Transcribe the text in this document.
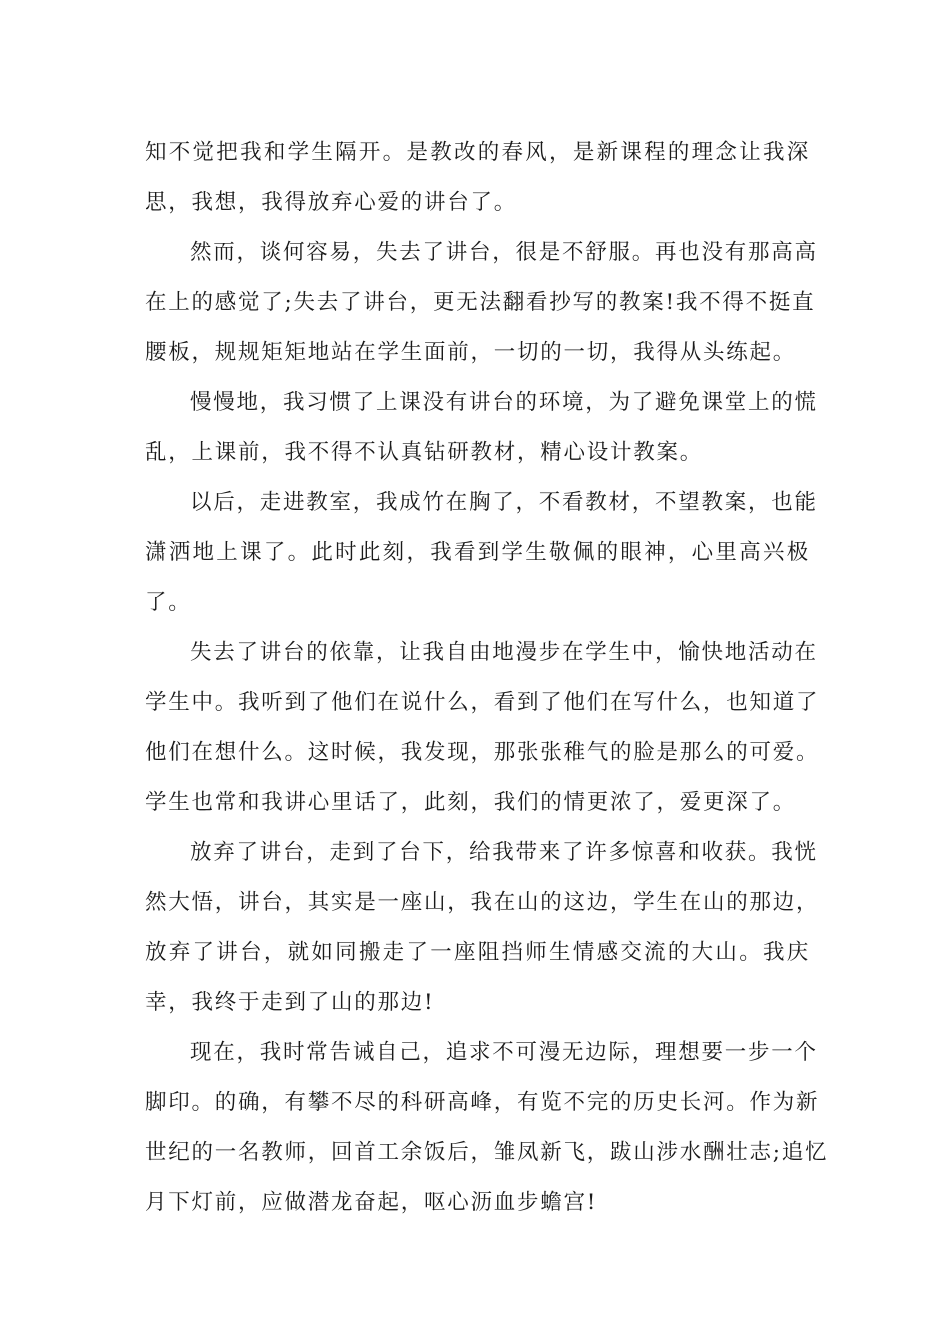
知不觉把我和学生隔开。是教改的春风，是新课程的理念让我深
思，我想，我得放弃心爱的讲台了。
然而，谈何容易，失去了讲台，很是不舒服。再也没有那高高
在上的感觉了;失去了讲台，更无法翻看抄写的教案!我不得不挺直
腰板，规规矩矩地站在学生面前，一切的一切，我得从头练起。
慢慢地，我习惯了上课没有讲台的环境，为了避免课堂上的慌
乱，上课前，我不得不认真钻研教材，精心设计教案。
以后，走进教室，我成竹在胸了，不看教材，不望教案，也能
潇洒地上课了。此时此刻，我看到学生敬佩的眼神，心里高兴极
了。
失去了讲台的依靠，让我自由地漫步在学生中，愉快地活动在
学生中。我听到了他们在说什么，看到了他们在写什么，也知道了
他们在想什么。这时候，我发现，那张张稚气的脸是那么的可爱。
学生也常和我讲心里话了，此刻，我们的情更浓了，爱更深了。
放弃了讲台，走到了台下，给我带来了许多惊喜和收获。我恍
然大悟，讲台，其实是一座山，我在山的这边，学生在山的那边，
放弃了讲台，就如同搬走了一座阻挡师生情感交流的大山。我庆
幸，我终于走到了山的那边!
现在，我时常告诫自己，追求不可漫无边际，理想要一步一个
脚印。的确，有攀不尽的科研高峰，有览不完的历史长河。作为新
世纪的一名教师，回首工余饭后，雏凤新飞，跋山涉水酬壮志;追忆
月下灯前，应做潜龙奋起，呕心沥血步蟾宫!
